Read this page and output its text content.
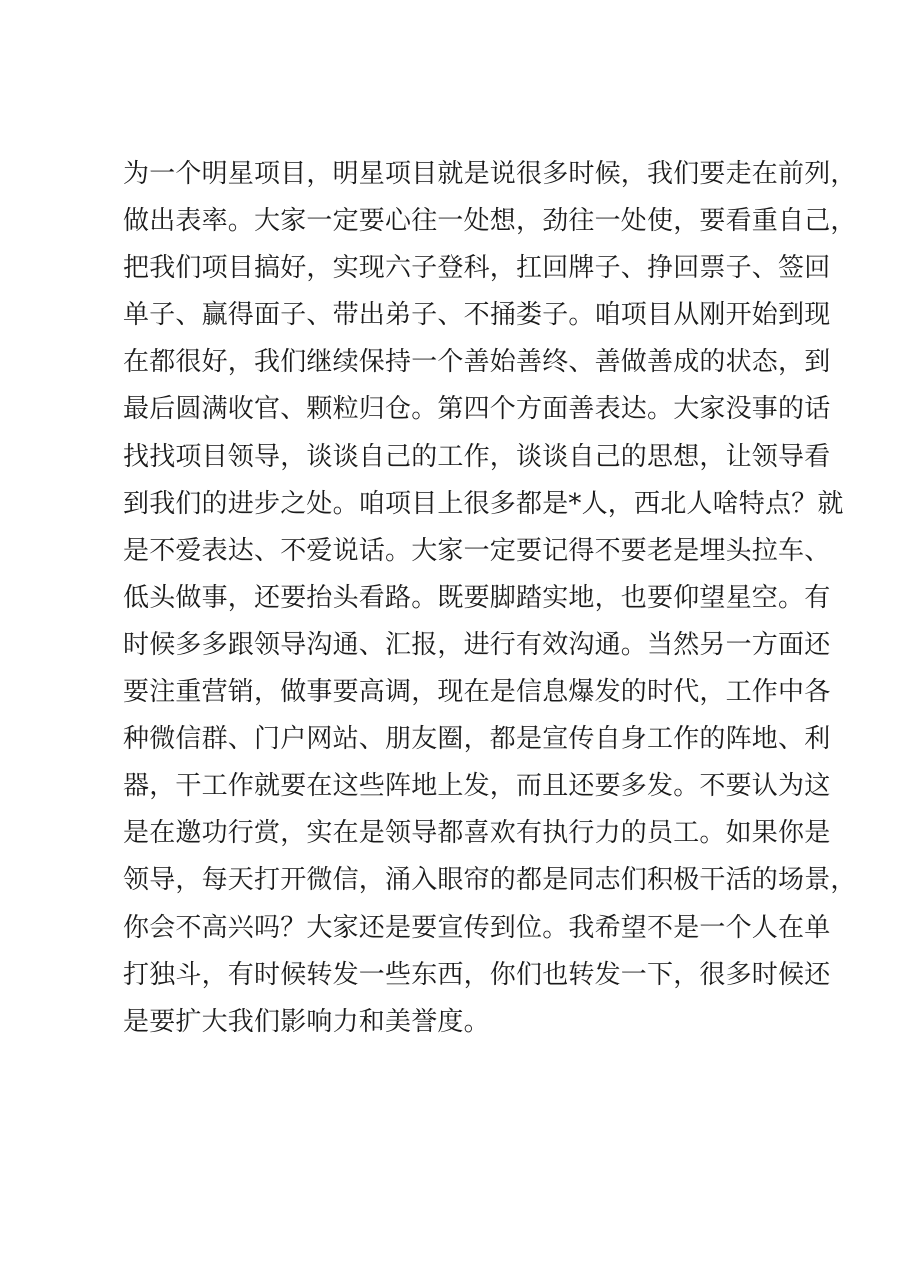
为一个明星项目，明星项目就是说很多时候，我们要走在前列，
做出表率。大家一定要心往一处想，劲往一处使，要看重自己，
把我们项目搞好，实现六子登科，扛回牌子、挣回票子、签回
单子、赢得面子、带出弟子、不捅娄子。咱项目从刚开始到现
在都很好，我们继续保持一个善始善终、善做善成的状态，到
最后圆满收官、颗粒归仓。第四个方面善表达。大家没事的话
找找项目领导，谈谈自己的工作，谈谈自己的思想，让领导看
到我们的进步之处。咱项目上很多都是*人，西北人啥特点？就
是不爱表达、不爱说话。大家一定要记得不要老是埋头拉车、
低头做事，还要抬头看路。既要脚踏实地，也要仰望星空。有
时候多多跟领导沟通、汇报，进行有效沟通。当然另一方面还
要注重营销，做事要高调，现在是信息爆发的时代，工作中各
种微信群、门户网站、朋友圈，都是宣传自身工作的阵地、利
器，干工作就要在这些阵地上发，而且还要多发。不要认为这
是在邀功行赏，实在是领导都喜欢有执行力的员工。如果你是
领导，每天打开微信，涌入眼帘的都是同志们积极干活的场景，
你会不高兴吗？大家还是要宣传到位。我希望不是一个人在单
打独斗，有时候转发一些东西，你们也转发一下，很多时候还
是要扩大我们影响力和美誉度。
